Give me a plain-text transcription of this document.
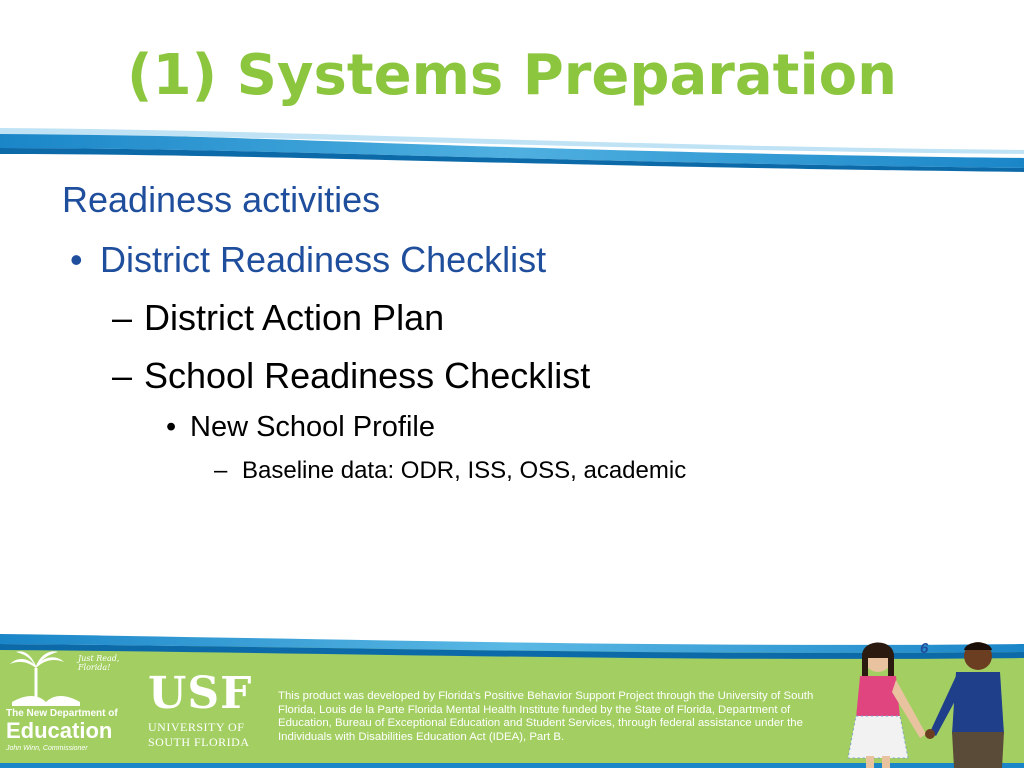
(1) Systems Preparation
Readiness activities
• District Readiness Checklist
– District Action Plan
– School Readiness Checklist
• New School Profile
– Baseline data: ODR, ISS, OSS, academic
6
Just Read, Florida!
The New Department of
Education
John Winn, Commissioner
USF
UNIVERSITY OF
SOUTH FLORIDA
This product was developed by Florida's Positive Behavior Support Project through the University of South Florida, Louis de la Parte Florida Mental Health Institute funded by the State of Florida, Department of Education, Bureau of Exceptional Education and Student Services, through federal assistance under the Individuals with Disabilities Education Act (IDEA), Part B.
